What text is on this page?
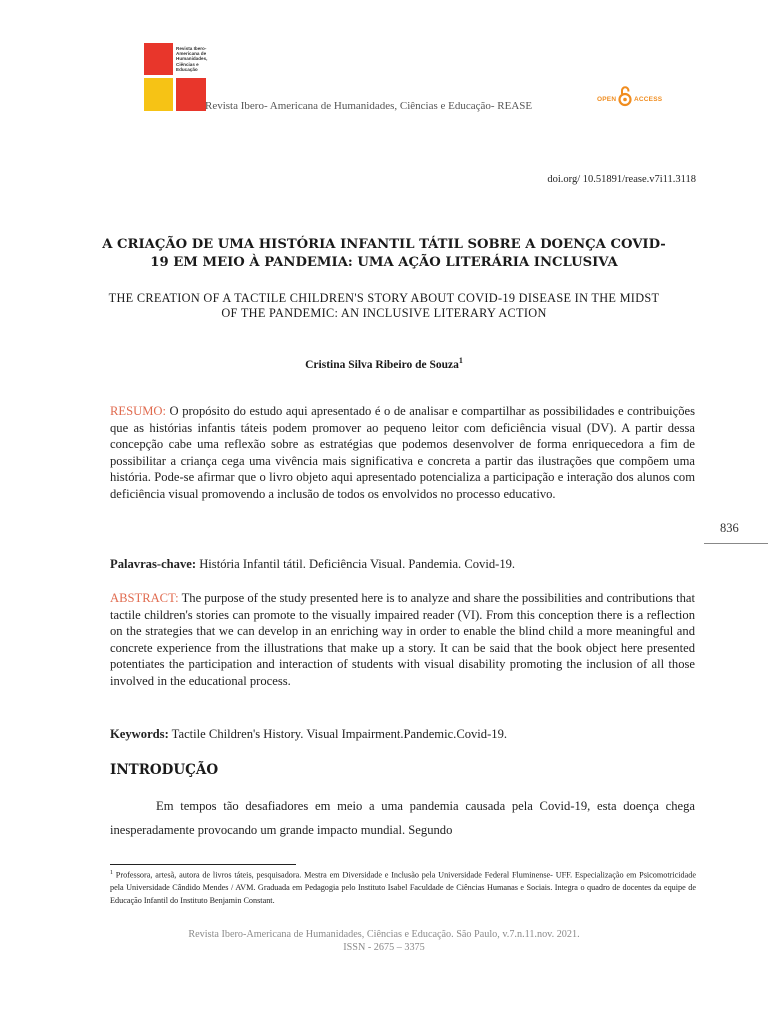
Revista Ibero-Americana de Humanidades, Ciências e Educação
Revista Ibero- Americana de Humanidades, Ciências e Educação- REASE
OPEN	ACCESS
doi.org/ 10.51891/rease.v7i11.3118
A CRIAÇÃO DE UMA HISTÓRIA INFANTIL TÁTIL SOBRE A DOENÇA COVID-19 EM MEIO À PANDEMIA: UMA AÇÃO LITERÁRIA INCLUSIVA
THE CREATION OF A TACTILE CHILDREN'S STORY ABOUT COVID-19 DISEASE IN THE MIDST OF THE PANDEMIC: AN INCLUSIVE LITERARY ACTION
Cristina Silva Ribeiro de Souza$^1$
RESUMO: O propósito do estudo aqui apresentado é o de analisar e compartilhar as possibilidades e contribuições que as histórias infantis táteis podem promover ao pequeno leitor com deficiência visual (DV). A partir dessa concepção cabe uma reflexão sobre as estratégias que podemos desenvolver de forma enriquecedora a fim de possibilitar a criança cega uma vivência mais significativa e concreta a partir das ilustrações que compõem uma história. Pode-se afirmar que o livro objeto aqui apresentado potencializa a participação e interação dos alunos com deficiência visual promovendo a inclusão de todos os envolvidos no processo educativo.
Palavras-chave: História Infantil tátil. Deficiência Visual. Pandemia. Covid-19.
ABSTRACT: The purpose of the study presented here is to analyze and share the possibilities and contributions that tactile children's stories can promote to the visually impaired reader (VI). From this conception there is a reflection on the strategies that we can develop in an enriching way in order to enable the blind child a more meaningful and concrete experience from the illustrations that make up a story. It can be said that the book object here presented potentiates the participation and interaction of students with visual disability promoting the inclusion of all those involved in the educational process.
Keywords: Tactile Children's History. Visual Impairment.Pandemic.Covid-19.
INTRODUÇÃO
Em tempos tão desafiadores em meio a uma pandemia causada pela Covid-19, esta doença chega inesperadamente provocando um grande impacto mundial. Segundo
836
$^1$ Professora, artesã, autora de livros táteis, pesquisadora. Mestra em Diversidade e Inclusão pela Universidade Federal Fluminense- UFF. Especialização em Psicomotricidade pela Universidade Cândido Mendes / AVM. Graduada em Pedagogia pelo Instituto Isabel Faculdade de Ciências Humanas e Sociais. Integra o quadro de docentes da equipe de Educação Infantil do Instituto Benjamin Constant.
Revista Ibero-Americana de Humanidades, Ciências e Educação. São Paulo, v.7.n.11.nov. 2021.
ISSN - 2675 – 3375
